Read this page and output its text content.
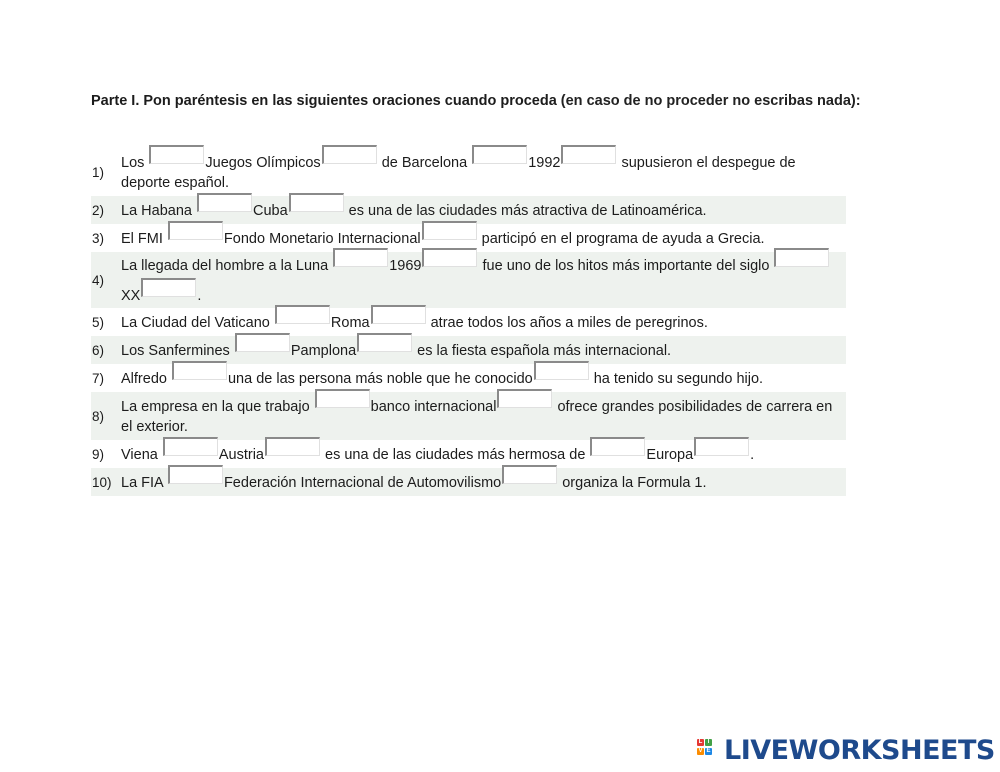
Parte I. Pon paréntesis en las siguientes oraciones cuando proceda (en caso de no proceder no escribas nada):
1)
Los	Juegos Olímpicos	de Barcelona	1992	supusieron el despegue de deporte español.
2)	La Habana	Cuba	es una de las ciudades más atractiva de Latinoamérica.
3)	El FMI	Fondo Monetario Internacional	participó en el programa de ayuda a Grecia.
4)
La llegada del hombre a la Luna	1969	fue uno de los hitos más importante del siglo XX	.
5)	La Ciudad del Vaticano	Roma	atrae todos los años a miles de peregrinos.
6)	Los Sanfermines	Pamplona	es la fiesta española más internacional.
7)	Alfredo	una de las persona más noble que he conocido	ha tenido su segundo hijo.
8)
La empresa en la que trabajo	banco internacional	ofrece grandes posibilidades de carrera en el exterior.
9)	Viena	Austria	es una de las ciudades más hermosa de	Europa	.
10) La FIA	Federación Internacional de Automovilismo	organiza la Formula 1.
L I
V E LIVEWORKSHEETS
